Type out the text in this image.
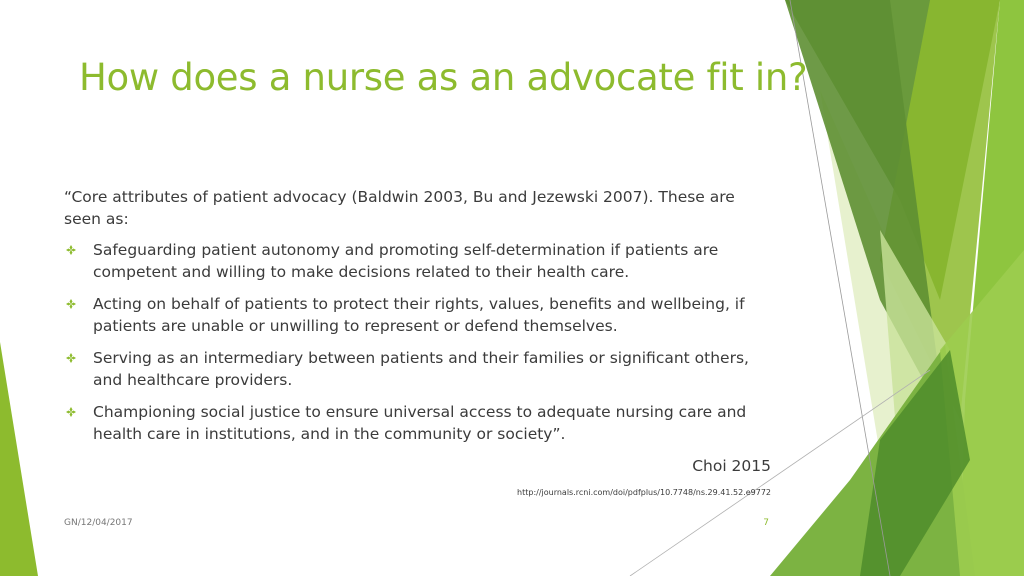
How does a nurse as an advocate fit in?

“Core attributes of patient advocacy (Baldwin 2003, Bu and Jezewski 2007). These are seen as:

Safeguarding patient autonomy and promoting self-determination if patients are competent and willing to make decisions related to their health care.
Acting on behalf of patients to protect their rights, values, benefits and wellbeing, if patients are unable or unwilling to represent or defend themselves.
Serving as an intermediary between patients and their families or significant others, and healthcare providers.
Championing social justice to ensure universal access to adequate nursing care and health care in institutions, and in the community or society”.

Choi 2015

http://journals.rcni.com/doi/pdfplus/10.7748/ns.29.41.52.e9772

GN/12/04/2017	7
